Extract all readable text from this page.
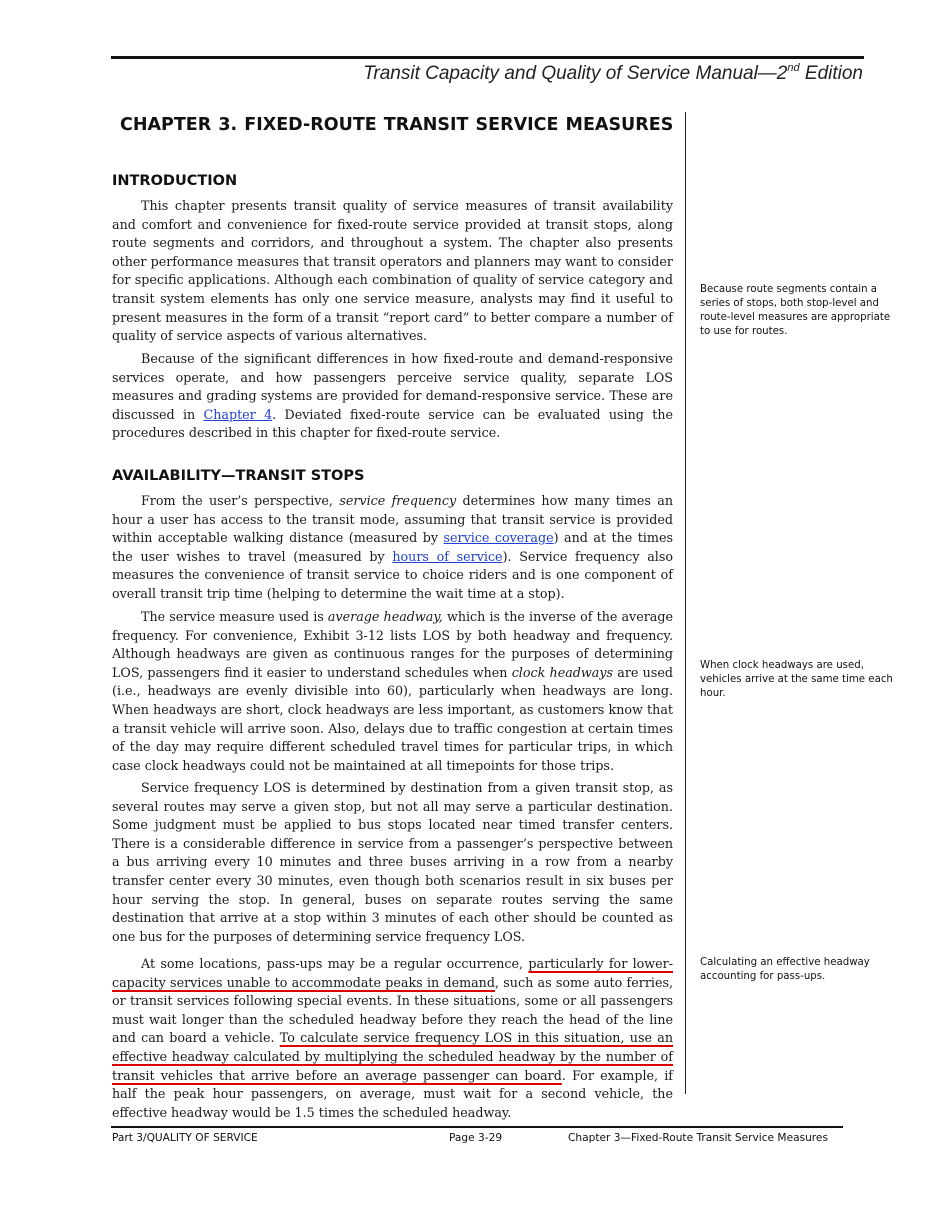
Transit Capacity and Quality of Service Manual—2nd Edition
CHAPTER 3. FIXED-ROUTE TRANSIT SERVICE MEASURES
INTRODUCTION

This chapter presents transit quality of service measures of transit availability and comfort and convenience for fixed-route service provided at transit stops, along route segments and corridors, and throughout a system. The chapter also presents other performance measures that transit operators and planners may want to consider for specific applications. Although each combination of quality of service category and transit system elements has only one service measure, analysts may find it useful to present measures in the form of a transit “report card” to better compare a number of quality of service aspects of various alternatives.

Because of the significant differences in how fixed-route and demand-responsive services operate, and how passengers perceive service quality, separate LOS measures and grading systems are provided for demand-responsive service. These are discussed in Chapter 4. Deviated fixed-route service can be evaluated using the procedures described in this chapter for fixed-route service.

AVAILABILITY—TRANSIT STOPS

From the user’s perspective, service frequency determines how many times an hour a user has access to the transit mode, assuming that transit service is provided within acceptable walking distance (measured by service coverage) and at the times the user wishes to travel (measured by hours of service). Service frequency also measures the convenience of transit service to choice riders and is one component of overall transit trip time (helping to determine the wait time at a stop).

The service measure used is average headway, which is the inverse of the average frequency. For convenience, Exhibit 3-12 lists LOS by both headway and frequency. Although headways are given as continuous ranges for the purposes of determining LOS, passengers find it easier to understand schedules when clock headways are used (i.e., headways are evenly divisible into 60), particularly when headways are long. When headways are short, clock headways are less important, as customers know that a transit vehicle will arrive soon. Also, delays due to traffic congestion at certain times of the day may require different scheduled travel times for particular trips, in which case clock headways could not be maintained at all timepoints for those trips.

Service frequency LOS is determined by destination from a given transit stop, as several routes may serve a given stop, but not all may serve a particular destination. Some judgment must be applied to bus stops located near timed transfer centers. There is a considerable difference in service from a passenger’s perspective between a bus arriving every 10 minutes and three buses arriving in a row from a nearby transfer center every 30 minutes, even though both scenarios result in six buses per hour serving the stop. In general, buses on separate routes serving the same destination that arrive at a stop within 3 minutes of each other should be counted as one bus for the purposes of determining service frequency LOS.

At some locations, pass-ups may be a regular occurrence, particularly for lower-capacity services unable to accommodate peaks in demand, such as some auto ferries, or transit services following special events. In these situations, some or all passengers must wait longer than the scheduled headway before they reach the head of the line and can board a vehicle. To calculate service frequency LOS in this situation, use an effective headway calculated by multiplying the scheduled headway by the number of transit vehicles that arrive before an average passenger can board. For example, if half the peak hour passengers, on average, must wait for a second vehicle, the effective headway would be 1.5 times the scheduled headway.

Because route segments contain a series of stops, both stop-level and route-level measures are appropriate to use for routes.
When clock headways are used, vehicles arrive at the same time each hour.
Calculating an effective headway accounting for pass-ups.
Part 3/QUALITY OF SERVICE	Page 3-29	Chapter 3—Fixed-Route Transit Service Measures
